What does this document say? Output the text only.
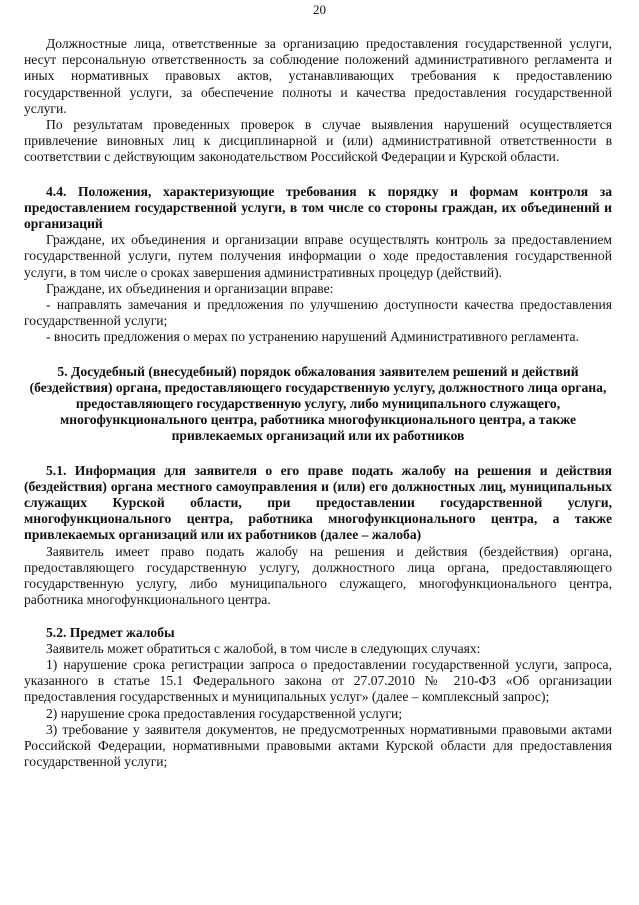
20

Должностные лица, ответственные за организацию предоставления государственной услуги, несут персональную ответственность за соблюдение положений административного регламента и иных нормативных правовых актов, устанавливающих требования к предоставлению государственной услуги, за обеспечение полноты и качества предоставления государственной услуги.

По результатам проведенных проверок в случае выявления нарушений осуществляется привлечение виновных лиц к дисциплинарной и (или) административной ответственности в соответствии с действующим законодательством Российской Федерации и Курской области.

4.4. Положения, характеризующие требования к порядку и формам контроля за предоставлением государственной услуги, в том числе со стороны граждан, их объединений и организаций

Граждане, их объединения и организации вправе осуществлять контроль за предоставлением государственной услуги, путем получения информации о ходе предоставления государственной услуги, в том числе о сроках завершения административных процедур (действий).

Граждане, их объединения и организации вправе:

- направлять замечания и предложения по улучшению доступности качества предоставления государственной услуги;

- вносить предложения о мерах по устранению нарушений Административного регламента.

5. Досудебный (внесудебный) порядок обжалования заявителем решений и действий (бездействия) органа, предоставляющего государственную услугу, должностного лица органа, предоставляющего государственную услугу, либо муниципального служащего, многофункционального центра, работника многофункционального центра, а также привлекаемых организаций или их работников

5.1. Информация для заявителя о его праве подать жалобу на решения и действия (бездействия) органа местного самоуправления и (или) его должностных лиц, муниципальных служащих Курской области, при предоставлении государственной услуги, многофункционального центра, работника многофункционального центра, а также привлекаемых организаций или их работников (далее – жалоба)

Заявитель имеет право подать жалобу на решения и действия (бездействия) органа, предоставляющего государственную услугу, должностного лица органа, предоставляющего государственную услугу, либо муниципального служащего, многофункционального центра, работника многофункционального центра.

5.2. Предмет жалобы

Заявитель может обратиться с жалобой, в том числе в следующих случаях:

1) нарушение срока регистрации запроса о предоставлении государственной услуги, запроса, указанного в статье 15.1 Федерального закона от 27.07.2010 № 210-ФЗ «Об организации предоставления государственных и муниципальных услуг» (далее – комплексный запрос);

2) нарушение срока предоставления государственной услуги;

3) требование у заявителя документов, не предусмотренных нормативными правовыми актами Российской Федерации, нормативными правовыми актами Курской области для предоставления государственной услуги;
